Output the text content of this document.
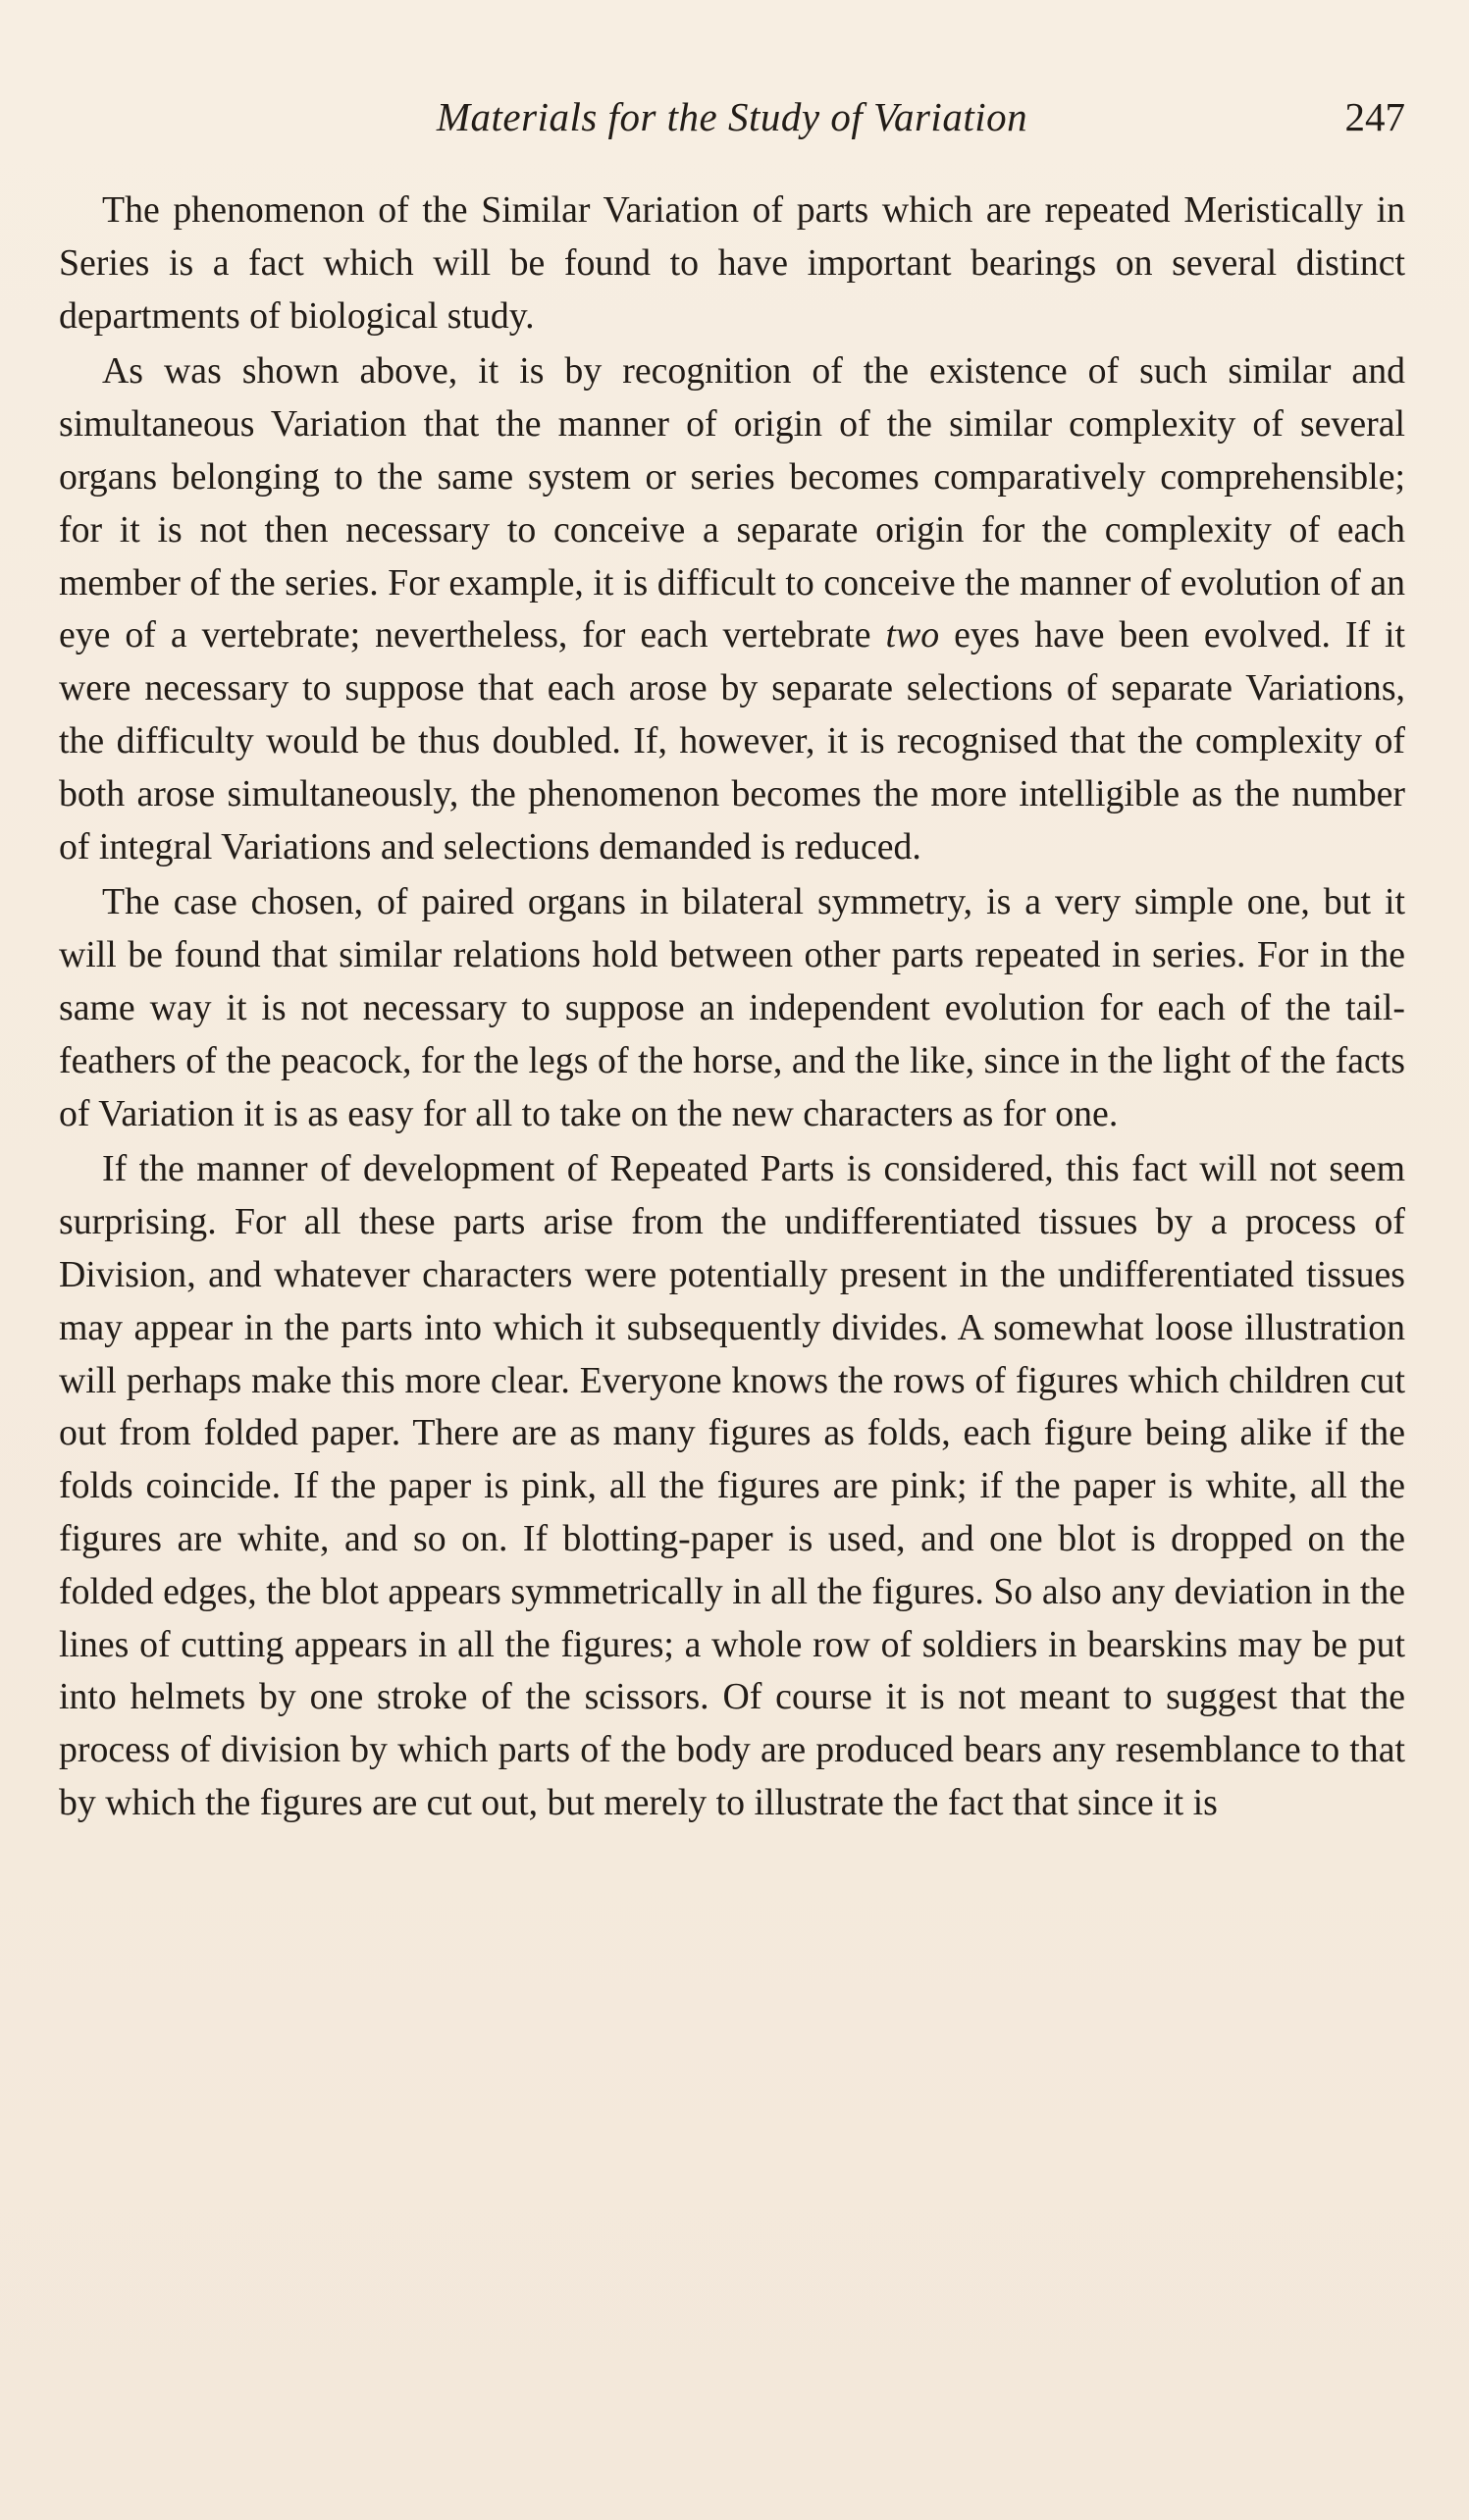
Materials for the Study of Variation	247

The phenomenon of the Similar Variation of parts which are repeated Meristically in Series is a fact which will be found to have important bearings on several distinct departments of biological study.

As was shown above, it is by recognition of the existence of such similar and simultaneous Variation that the manner of origin of the similar complexity of several organs belonging to the same system or series becomes comparatively comprehensible; for it is not then necessary to conceive a separate origin for the complexity of each member of the series. For example, it is difficult to conceive the manner of evolution of an eye of a vertebrate; nevertheless, for each vertebrate two eyes have been evolved. If it were necessary to suppose that each arose by separate selections of separate Variations, the difficulty would be thus doubled. If, however, it is recognised that the complexity of both arose simultaneously, the phenomenon becomes the more intelligible as the number of integral Variations and selections demanded is reduced.

The case chosen, of paired organs in bilateral symmetry, is a very simple one, but it will be found that similar relations hold between other parts repeated in series. For in the same way it is not necessary to suppose an independent evolution for each of the tail-feathers of the peacock, for the legs of the horse, and the like, since in the light of the facts of Variation it is as easy for all to take on the new characters as for one.

If the manner of development of Repeated Parts is considered, this fact will not seem surprising. For all these parts arise from the undifferentiated tissues by a process of Division, and whatever characters were potentially present in the undifferentiated tissues may appear in the parts into which it subsequently divides. A somewhat loose illustration will perhaps make this more clear. Everyone knows the rows of figures which children cut out from folded paper. There are as many figures as folds, each figure being alike if the folds coincide. If the paper is pink, all the figures are pink; if the paper is white, all the figures are white, and so on. If blotting-paper is used, and one blot is dropped on the folded edges, the blot appears symmetrically in all the figures. So also any deviation in the lines of cutting appears in all the figures; a whole row of soldiers in bearskins may be put into helmets by one stroke of the scissors. Of course it is not meant to suggest that the process of division by which parts of the body are produced bears any resemblance to that by which the figures are cut out, but merely to illustrate the fact that since it is
